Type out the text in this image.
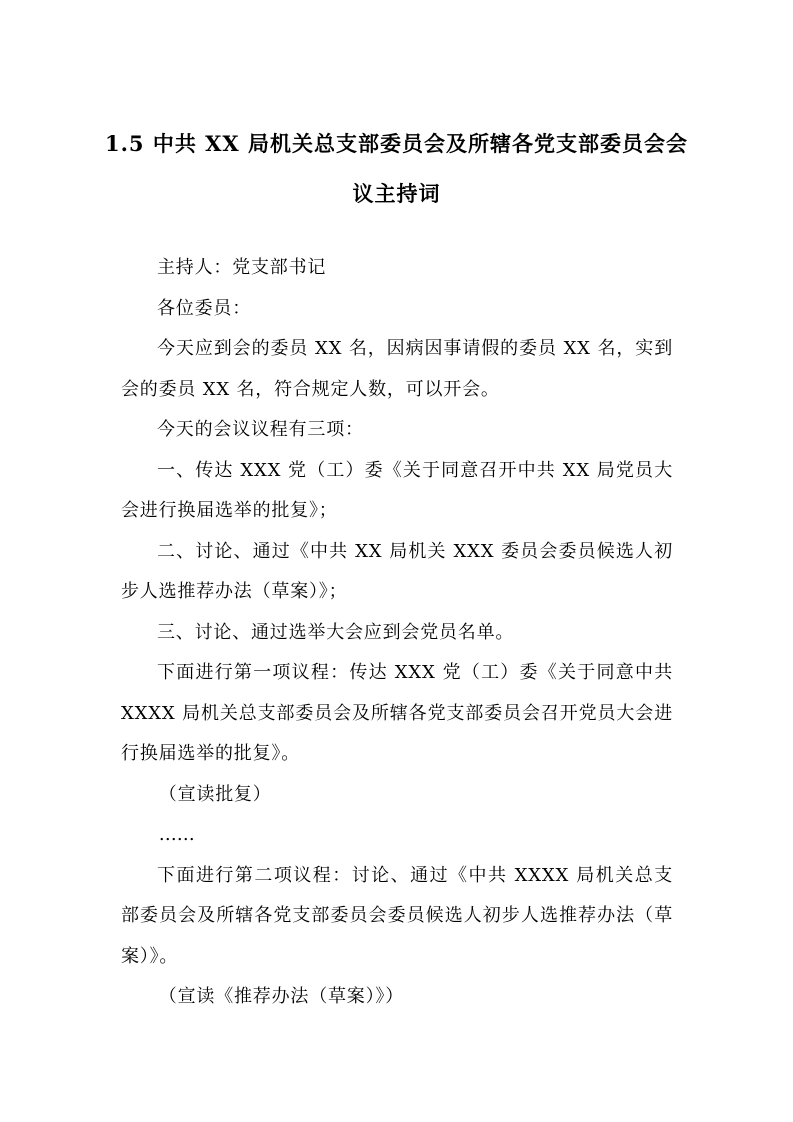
1.5 中共 XX 局机关总支部委员会及所辖各党支部委员会会
议主持词

主持人：党支部书记

各位委员：

今天应到会的委员 XX 名，因病因事请假的委员 XX 名，实到会的委员 XX 名，符合规定人数，可以开会。

今天的会议议程有三项：

一、传达 XXX 党（工）委《关于同意召开中共 XX 局党员大会进行换届选举的批复》；

二、讨论、通过《中共 XX 局机关 XXX 委员会委员候选人初步人选推荐办法（草案）》；

三、讨论、通过选举大会应到会党员名单。

下面进行第一项议程：传达 XXX 党（工）委《关于同意中共 XXXX 局机关总支部委员会及所辖各党支部委员会召开党员大会进行换届选举的批复》。

（宣读批复）

……

下面进行第二项议程：讨论、通过《中共 XXXX 局机关总支部委员会及所辖各党支部委员会委员候选人初步人选推荐办法（草案）》。

（宣读《推荐办法（草案）》）
